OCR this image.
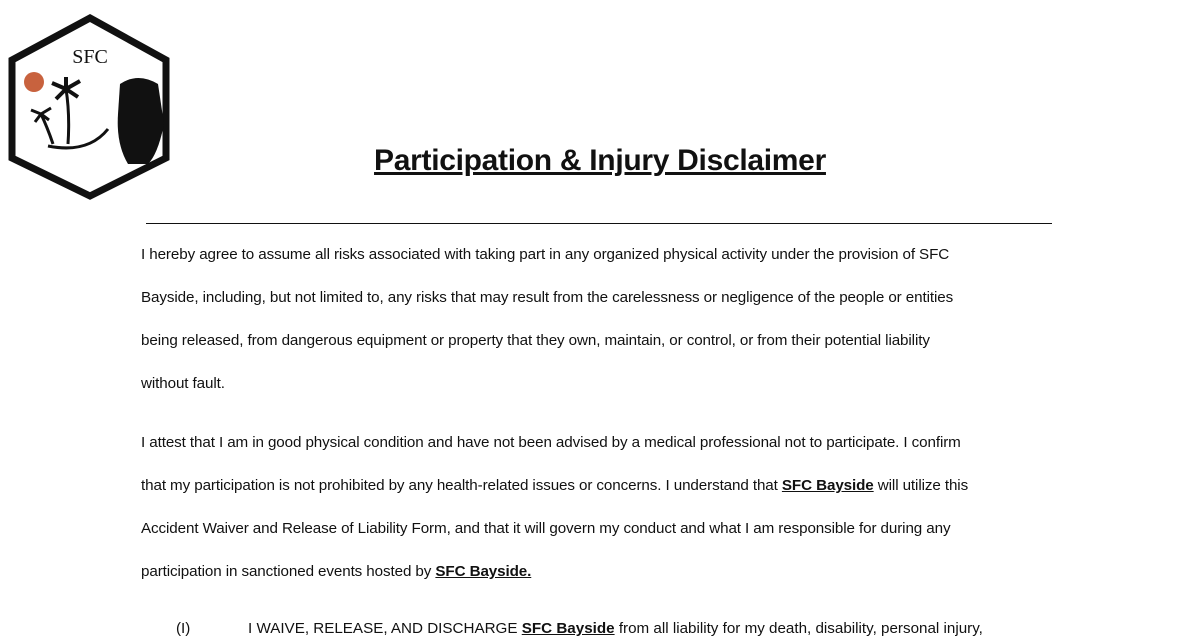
SFC
Participation & Injury Disclaimer
I hereby agree to assume all risks associated with taking part in any organized physical activity under the provision of SFC
Bayside, including, but not limited to, any risks that may result from the carelessness or negligence of the people or entities
being released, from dangerous equipment or property that they own, maintain, or control, or from their potential liability
without fault.
I attest that I am in good physical condition and have not been advised by a medical professional not to participate. I confirm
that my participation is not prohibited by any health-related issues or concerns. I understand that SFC Bayside will utilize this
Accident Waiver and Release of Liability Form, and that it will govern my conduct and what I am responsible for during any
participation in sanctioned events hosted by SFC Bayside.
(I)	I WAIVE, RELEASE, AND DISCHARGE SFC Bayside from all liability for my death, disability, personal injury,
